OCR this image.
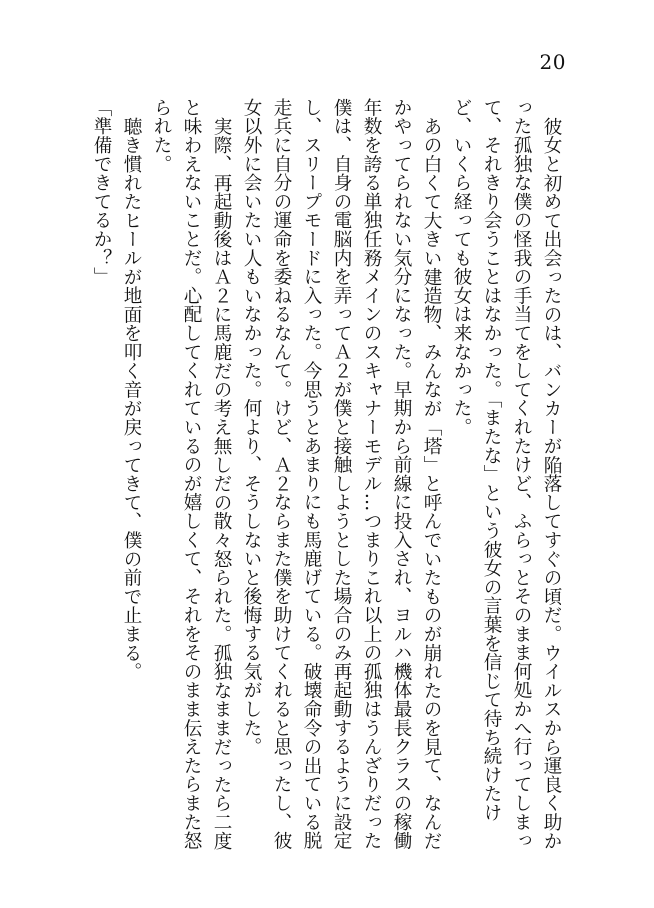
20

彼女と初めて出会ったのは、バンカーが陥落してすぐの頃だ。ウイルスから運良く助かった孤独な僕の怪我の手当てをしてくれたけど、ふらっとそのまま何処かへ行ってしまって、それきり会うことはなかった。「またな」という彼女の言葉を信じて待ち続けたけど、いくら経っても彼女は来なかった。

あの白くて大きい建造物、みんなが「塔」と呼んでいたものが崩れたのを見て、なんだかやってられない気分になった。早期から前線に投入され、ヨルハ機体最長クラスの稼働年数を誇る単独任務メインのスキャナーモデル…つまりこれ以上の孤独はうんざりだった僕は、自身の電脳内を弄ってＡ２が僕と接触しようとした場合のみ再起動するように設定し、スリープモードに入った。今思うとあまりにも馬鹿げている。破壊命令の出ている脱走兵に自分の運命を委ねるなんて。けど、Ａ２ならまた僕を助けてくれると思ったし、彼女以外に会いたい人もいなかった。何より、そうしないと後悔する気がした。

実際、再起動後はＡ２に馬鹿だの考え無しだの散々怒られた。孤独なままだったら二度と味わえないことだ。心配してくれているのが嬉しくて、それをそのまま伝えたらまた怒られた。

聴き慣れたヒールが地面を叩く音が戻ってきて、僕の前で止まる。

「準備できてるか？」
